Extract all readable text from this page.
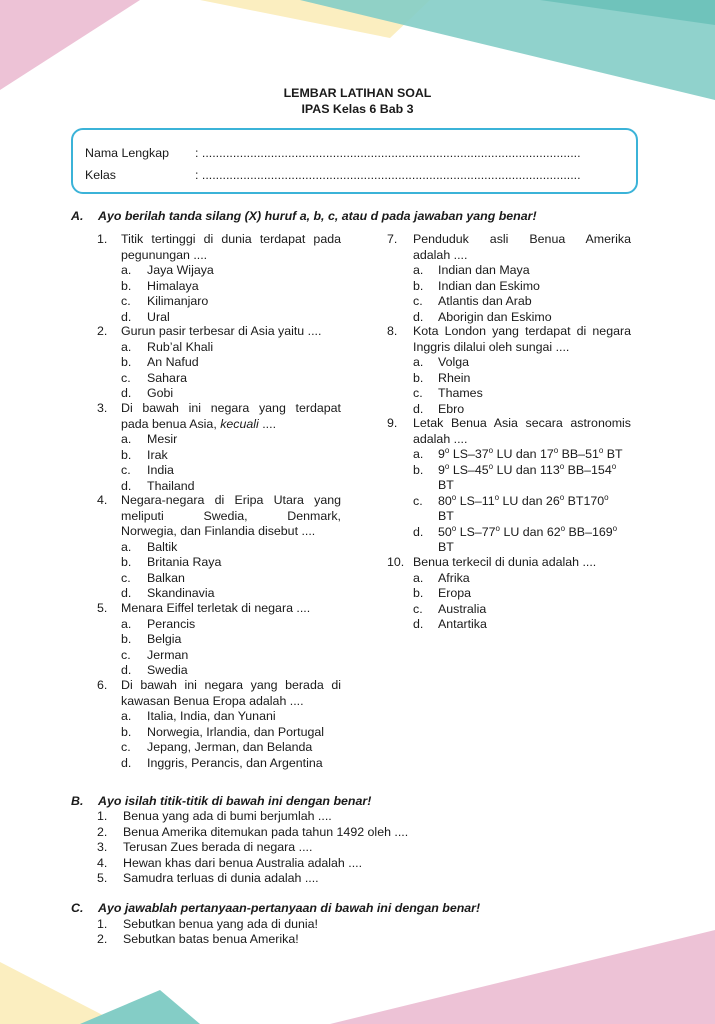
LEMBAR LATIHAN SOAL
IPAS Kelas 6 Bab 3
Nama Lengkap : ..............................................................................................................
Kelas	: ..............................................................................................................
A. Ayo berilah tanda silang (X) huruf a, b, c, atau d pada jawaban yang benar!
1. Titik tertinggi di dunia terdapat pada
pegunungan ....
a. Jaya Wijaya
b. Himalaya
c. Kilimanjaro
d. Ural
2. Gurun pasir terbesar di Asia yaitu ....
a. Rub’al Khali
b. An Nafud
c. Sahara
d. Gobi
3. Di bawah ini negara yang terdapat
pada benua Asia, kecuali ....
a. Mesir
b. Irak
c. India
d. Thailand
4. Negara-negara di Eripa Utara yang
meliputi Swedia, Denmark,
Norwegia, dan Finlandia disebut ....
a. Baltik
b. Britania Raya
c. Balkan
d. Skandinavia
5. Menara Eiffel terletak di negara ....
a. Perancis
b. Belgia
c. Jerman
d. Swedia
6. Di bawah ini negara yang berada di
kawasan Benua Eropa adalah ....
a. Italia, India, dan Yunani
b. Norwegia, Irlandia, dan Portugal
c. Jepang, Jerman, dan Belanda
d. Inggris, Perancis, dan Argentina
7. Penduduk asli Benua Amerika
adalah ....
a. Indian dan Maya
b. Indian dan Eskimo
c. Atlantis dan Arab
d. Aborigin dan Eskimo
8. Kota London yang terdapat di negara
Inggris dilalui oleh sungai ....
a. Volga
b. Rhein
c. Thames
d. Ebro
9. Letak Benua Asia secara astronomis
adalah ....
a. 9$^o$ LS–37$^o$ LU dan 17$^o$ BB–51$^o$ BT
b. 9$^o$ LS–45$^o$ LU dan 113$^o$ BB–154$^o$
BT
c. 80$^o$ LS–11$^o$ LU dan 26$^o$ BT170$^o$
BT
d. 50$^o$ LS–77$^o$ LU dan 62$^o$ BB–169$^o$
BT
10. Benua terkecil di dunia adalah ....
a. Afrika
b. Eropa
c. Australia
d. Antartika
B. Ayo isilah titik-titik di bawah ini dengan benar!
1. Benua yang ada di bumi berjumlah ....
2. Benua Amerika ditemukan pada tahun 1492 oleh ....
3. Terusan Zues berada di negara ....
4. Hewan khas dari benua Australia adalah ....
5. Samudra terluas di dunia adalah ....
C. Ayo jawablah pertanyaan-pertanyaan di bawah ini dengan benar!
1. Sebutkan benua yang ada di dunia!
2. Sebutkan batas benua Amerika!
